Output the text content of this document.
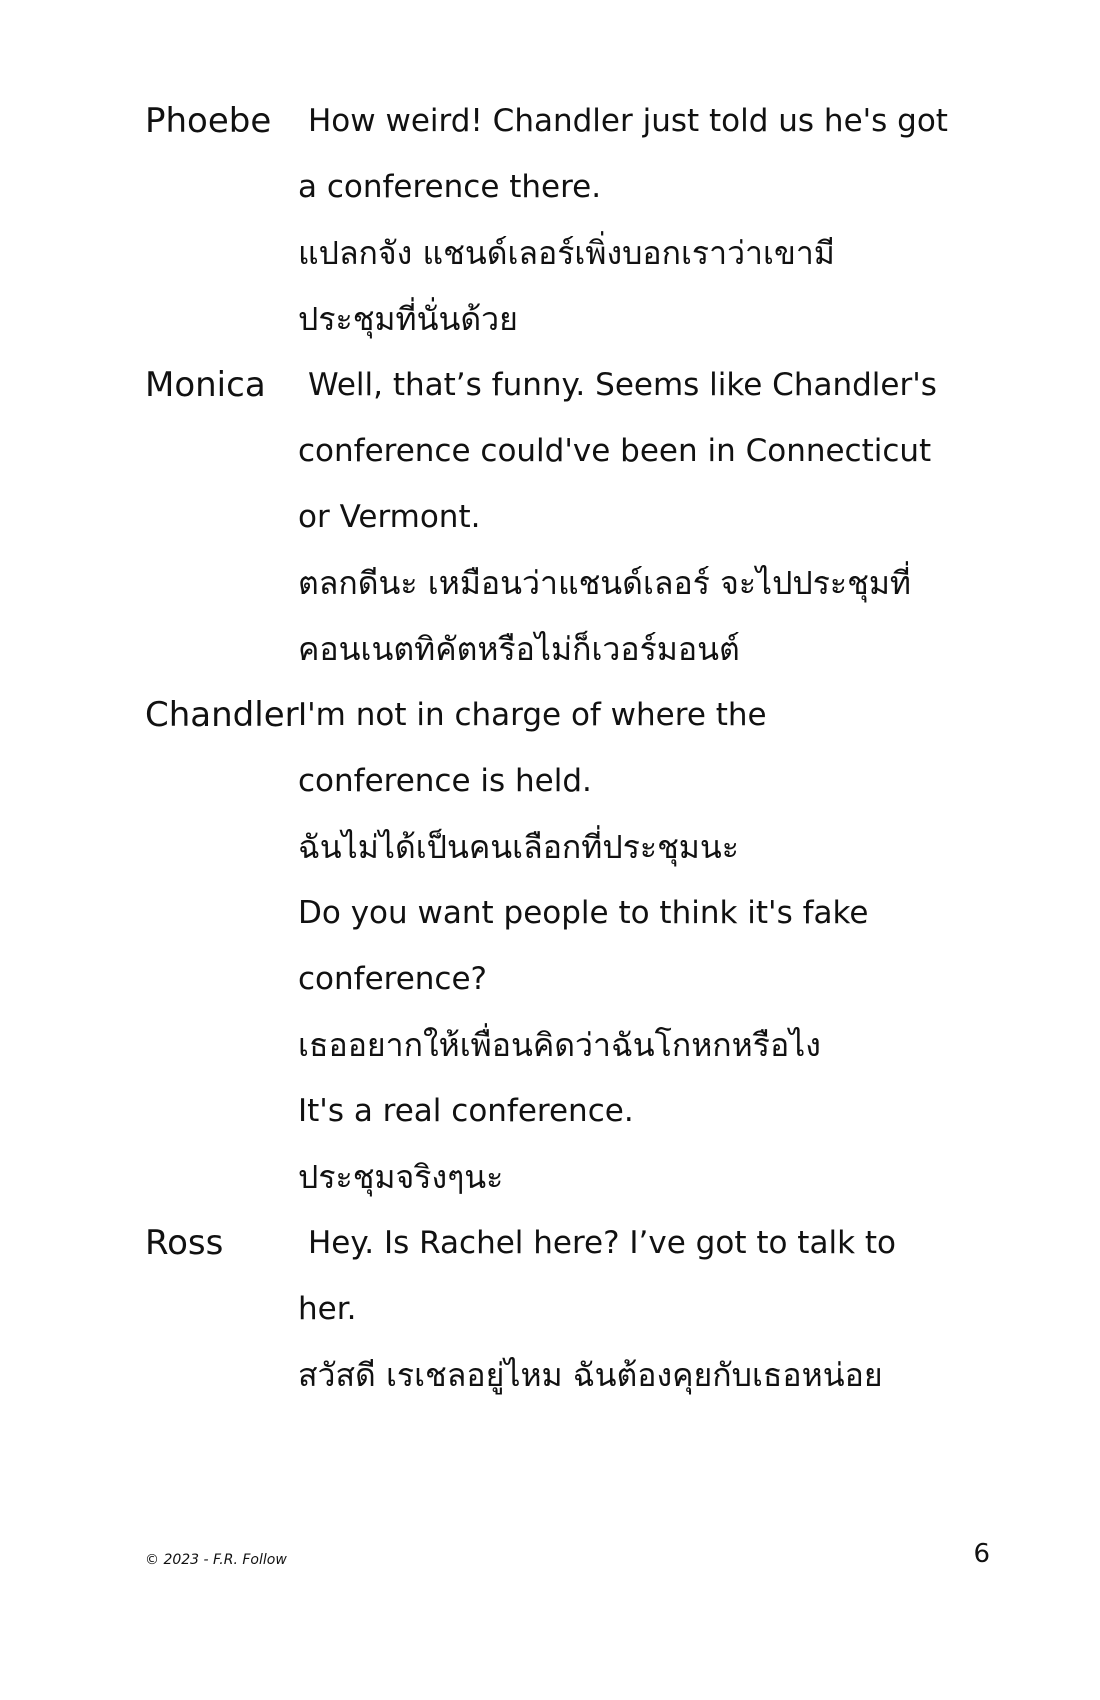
Phoebe	How weird! Chandler just told us he's got
a conference there.
แปลกจัง แชนด์เลอร์เพิ่งบอกเราว่าเขามี
ประชุมที่นั่นด้วย
Monica	Well, that’s funny. Seems like Chandler's
conference could've been in Connecticut
or Vermont.
ตลกดีนะ เหมือนว่าแชนด์เลอร์ จะไปประชุมที่
คอนเนตทิคัตหรือไม่ก็เวอร์มอนต์
Chandler I'm not in charge of where the
conference is held.
ฉันไม่ได้เป็นคนเลือกที่ประชุมนะ
Do you want people to think it's fake
conference?
เธออยากให้เพื่อนคิดว่าฉันโกหกหรือไง
It's a real conference.
ประชุมจริงๆนะ
Ross	Hey. Is Rachel here? I’ve got to talk to
her.
สวัสดี เรเชลอยู่ไหม ฉันต้องคุยกับเธอหน่อย
© 2023 - F.R. Follow	6
